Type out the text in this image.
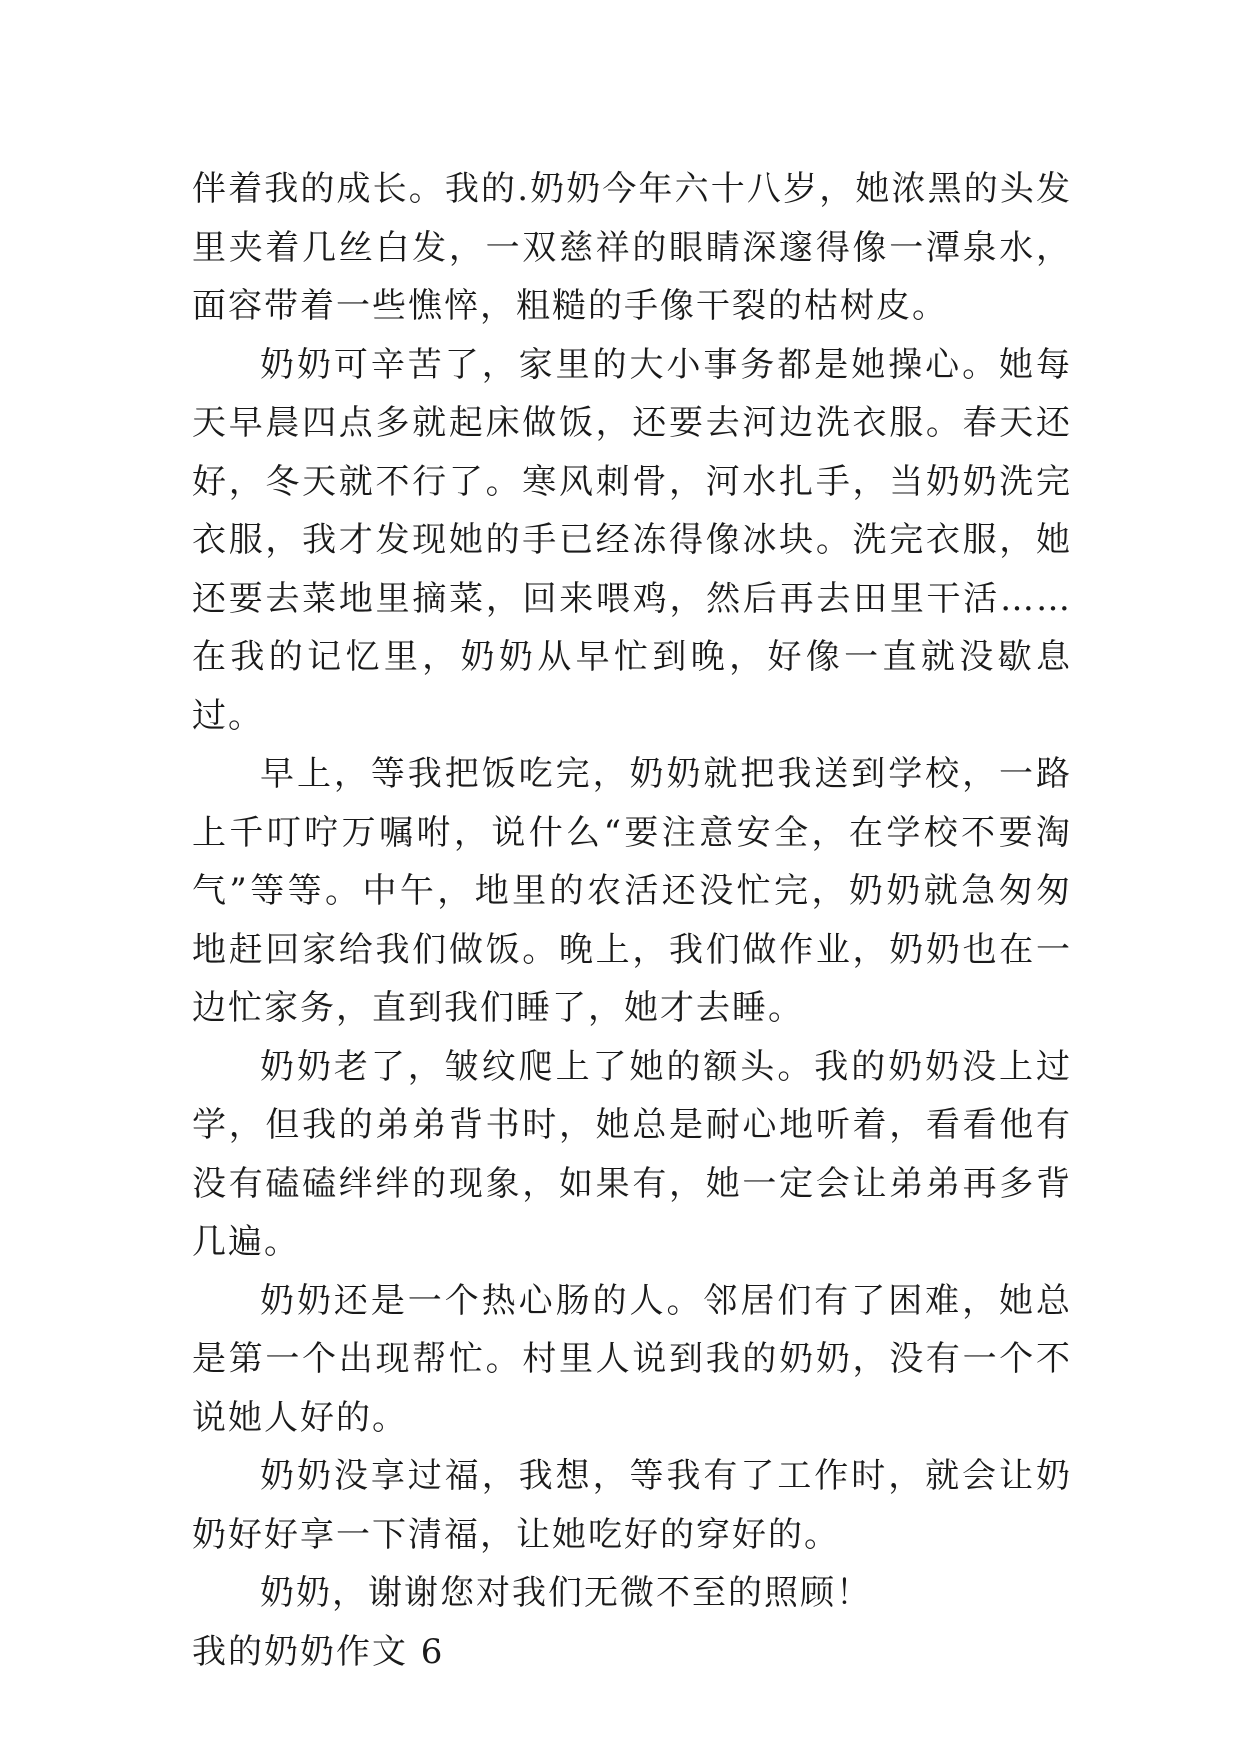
伴着我的成长。我的.奶奶今年六十八岁，她浓黑的头发里夹着几丝白发，一双慈祥的眼睛深邃得像一潭泉水，面容带着一些憔悴，粗糙的手像干裂的枯树皮。

奶奶可辛苦了，家里的大小事务都是她操心。她每天早晨四点多就起床做饭，还要去河边洗衣服。春天还好，冬天就不行了。寒风刺骨，河水扎手，当奶奶洗完衣服，我才发现她的手已经冻得像冰块。洗完衣服，她还要去菜地里摘菜，回来喂鸡，然后再去田里干活……在我的记忆里，奶奶从早忙到晚，好像一直就没歇息过。

早上，等我把饭吃完，奶奶就把我送到学校，一路上千叮咛万嘱咐，说什么“要注意安全，在学校不要淘气”等等。中午，地里的农活还没忙完，奶奶就急匆匆地赶回家给我们做饭。晚上，我们做作业，奶奶也在一边忙家务，直到我们睡了，她才去睡。

奶奶老了，皱纹爬上了她的额头。我的奶奶没上过学，但我的弟弟背书时，她总是耐心地听着，看看他有没有磕磕绊绊的现象，如果有，她一定会让弟弟再多背几遍。

奶奶还是一个热心肠的人。邻居们有了困难，她总是第一个出现帮忙。村里人说到我的奶奶，没有一个不说她人好的。

奶奶没享过福，我想，等我有了工作时，就会让奶奶好好享一下清福，让她吃好的穿好的。

奶奶，谢谢您对我们无微不至的照顾！

我的奶奶作文 6
